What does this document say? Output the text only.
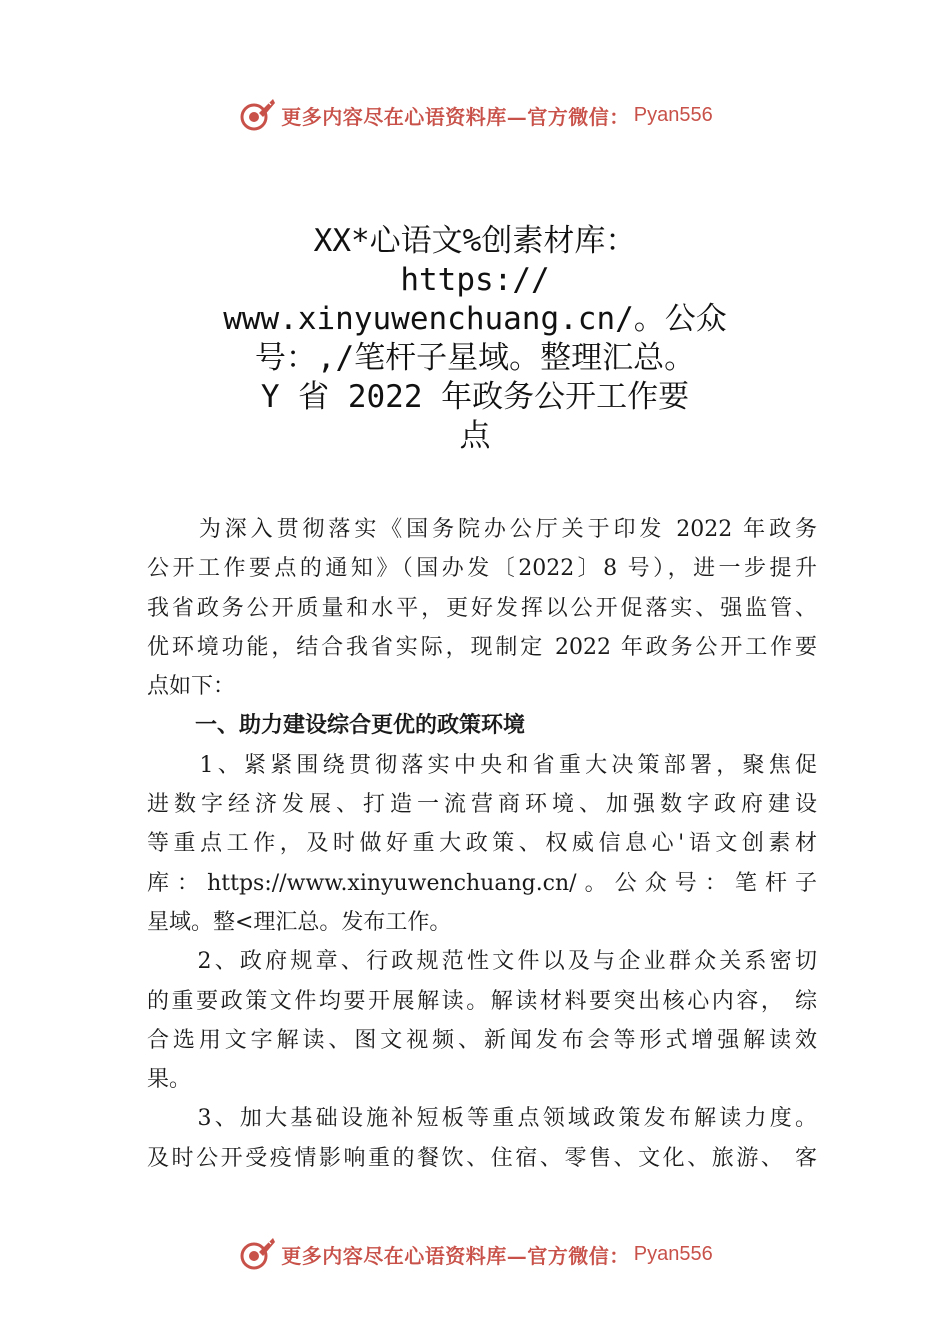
更多内容尽在心语资料库—官方微信： Pyan556
XX*心语文%创素材库：
https://
www.xinyuwenchuang.cn/。公众
号：,/笔杆子星域。整理汇总。
Y 省 2022 年政务公开工作要
点
　　为深入贯彻落实《国务院办公厅关于印发 2022 年政务
公开工作要点的通知》（国办发〔2022〕8 号），进一步提升
我省政务公开质量和水平，更好发挥以公开促落实、强监管、
优环境功能，结合我省实际，现制定 2022 年政务公开工作要
点如下：
一、助力建设综合更优的政策环境
　　1、紧紧围绕贯彻落实中央和省重大决策部署，聚焦促
进数字经济发展、打造一流营商环境、加强数字政府建设
等重点工作，及时做好重大政策、权威信息心'语文创素材
库：https://www.xinyuwenchuang.cn/。公众号：笔杆子
星域。整<理汇总。发布工作。
　　2、政府规章、行政规范性文件以及与企业群众关系密切
的重要政策文件均要开展解读。解读材料要突出核心内容， 综
合选用文字解读、图文视频、新闻发布会等形式增强解读效
果。
　　3、加大基础设施补短板等重点领域政策发布解读力度。
及时公开受疫情影响重的餐饮、住宿、零售、文化、旅游、 客
更多内容尽在心语资料库—官方微信： Pyan556
